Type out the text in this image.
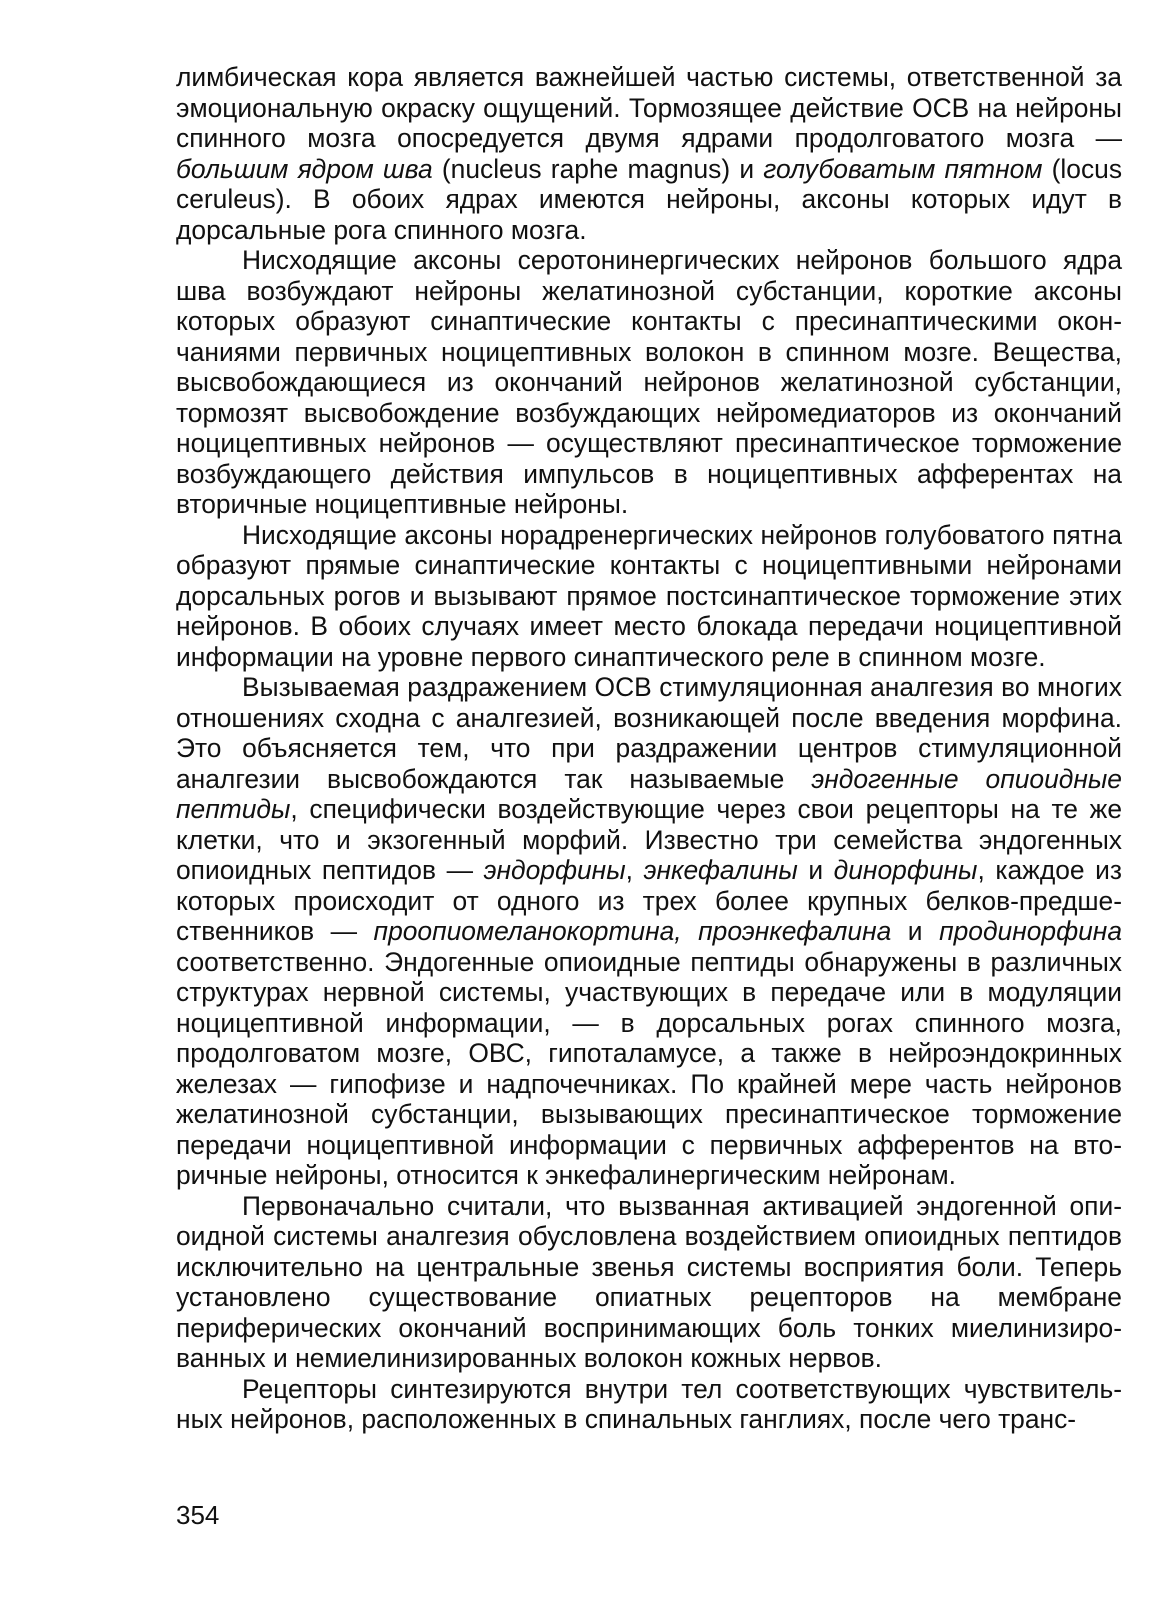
лимбическая кора является важнейшей частью системы, ответственной за эмоциональную окраску ощущений. Тормозящее действие ОСВ на нейроны спинного мозга опосредуется двумя ядрами продолговатого мозга — большим ядром шва (nucleus raphe magnus) и голубоватым пятном (locus ceruleus). В обоих ядрах имеются нейроны, аксоны которых идут в дорсальные рога спинного мозга.

Нисходящие аксоны серотонинергических нейронов большого ядра шва возбуждают нейроны желатинозной субстанции, короткие аксоны которых образуют синаптические контакты с пресинаптическими окончаниями первичных ноцицептивных волокон в спинном мозге. Вещества, высвобождающиеся из окончаний нейронов желатинозной субстанции, тормозят высвобождение возбуждающих нейромедиаторов из окончаний ноцицептивных нейронов — осуществляют пресинаптическое торможение возбуждающего действия импульсов в ноцицептивных афферентах на вторичные ноцицептивные нейроны.

Нисходящие аксоны норадренергических нейронов голубоватого пятна образуют прямые синаптические контакты с ноцицептивными нейронами дорсальных рогов и вызывают прямое постсинаптическое торможение этих нейронов. В обоих случаях имеет место блокада передачи ноцицептивной информации на уровне первого синаптического реле в спинном мозге.

Вызываемая раздражением ОСВ стимуляционная аналгезия во многих отношениях сходна с аналгезией, возникающей после введения морфина. Это объясняется тем, что при раздражении центров стимуляционной аналгезии высвобождаются так называемые эндогенные опиоидные пептиды, специфически воздействующие через свои рецепторы на те же клетки, что и экзогенный морфий. Известно три семейства эндогенных опиоидных пептидов — эндорфины, энкефалины и динорфины, каждое из которых происходит от одного из трех более крупных белков-предшественников — проопиомеланокортина, проэнкефалина и продинорфина соответственно. Эндогенные опиоидные пептиды обнаружены в различных структурах нервной системы, участвующих в передаче или в модуляции ноцицептивной информации, — в дорсальных рогах спинного мозга, продолговатом мозге, ОВС, гипоталамусе, а также в нейроэндокринных железах — гипофизе и надпочечниках. По крайней мере часть нейронов желатинозной субстанции, вызывающих пресинаптическое торможение передачи ноцицептивной информации с первичных афферентов на вторичные нейроны, относится к энкефалинергическим нейронам.

Первоначально считали, что вызванная активацией эндогенной опиоидной системы аналгезия обусловлена воздействием опиоидных пептидов исключительно на центральные звенья системы восприятия боли. Теперь установлено существование опиатных рецепторов на мембране периферических окончаний воспринимающих боль тонких миелинизированных и немиелинизированных волокон кожных нервов.

Рецепторы синтезируются внутри тел соответствующих чувствительных нейронов, расположенных в спинальных ганглиях, после чего транс-

354
